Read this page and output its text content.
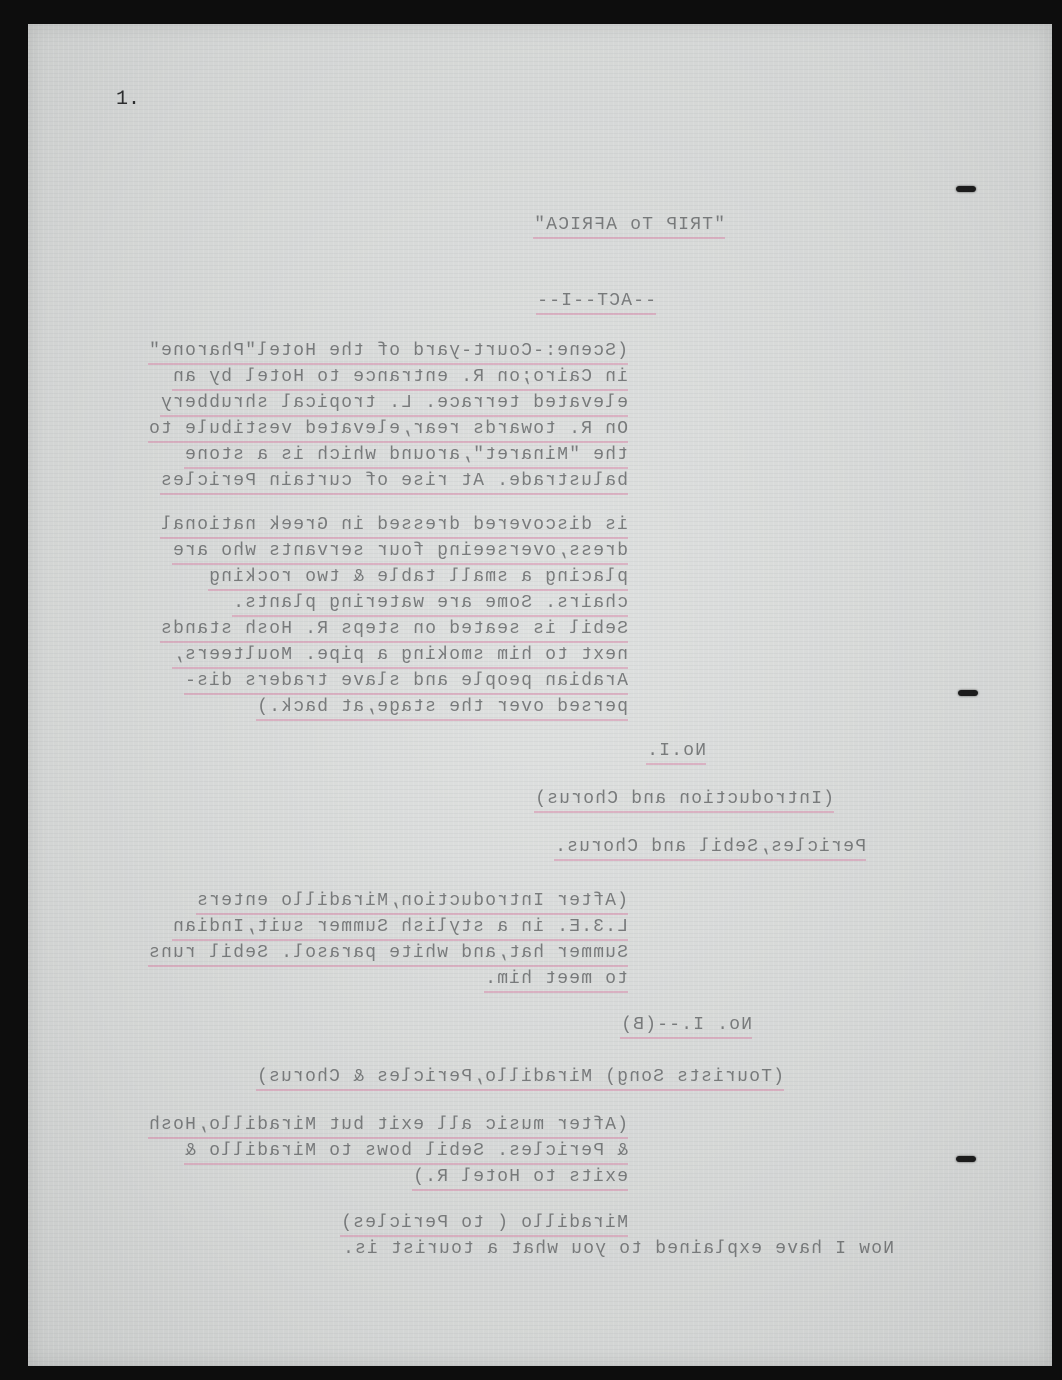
1.
"TRIP To AFRICA"
--ACT--I--
(Scene:-Court-yard of the Hotel"Pharone"
in Cairo;on R. entrance to Hotel by an
elevated terrace. L. tropical shrubbery
On R. towards rear,elevated vestibule to
the "Minaret",around which is a stone
balustrade. At rise of curtain Pericles
is discovered dressed in Greek national
dress,overseeing four servants who are
placing a small table & two rocking
chairs. Some are watering plants.
Sebil is seated on steps R. Hosh stands
next to him smoking a pipe. Moulteers,
Arabian people and slave traders dis-
persed over the stage,at back.)
No.I.
(Introduction and Chorus)
Pericles,Sebil and Chorus.
(After Introduction,Miradillo enters
L.3.E. in a stylish Summer suit,Indian
Summer hat,and white parasol. Sebil runs
to meet him.
No. I.--(B)
(Tourists Song) Miradillo,Pericles & Chorus)
(After music all exit but Miradillo,Hosh
& Pericles. Sebil bows to Miradillo &
exits to Hotel R.)
Miradillo ( to Pericles)
Now I have explained to you what a tourist is.
